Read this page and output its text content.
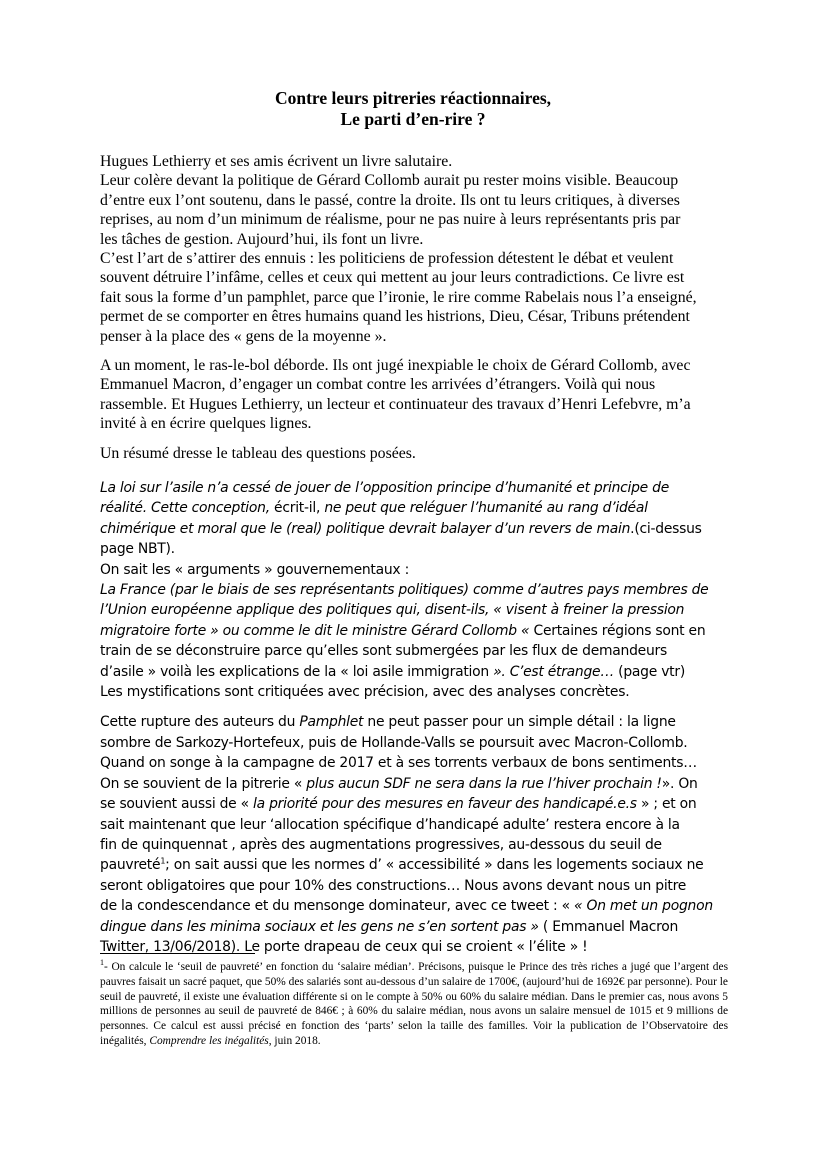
Contre leurs pitreries réactionnaires,
Le parti d’en-rire ?

Hugues Lethierry et ses amis écrivent un livre salutaire.

Leur colère devant la politique de Gérard Collomb aurait pu rester moins visible. Beaucoup

d’entre eux l’ont soutenu, dans le passé, contre la droite. Ils ont tu leurs critiques, à diverses

reprises, au nom d’un minimum de réalisme, pour ne pas nuire à leurs représentants pris par

les tâches de gestion. Aujourd’hui, ils font un livre.

C’est l’art de s’attirer des ennuis : les politiciens de profession détestent le débat et veulent

souvent détruire l’infâme, celles et ceux qui mettent au jour leurs contradictions. Ce livre est

fait sous la forme d’un pamphlet, parce que l’ironie, le rire comme Rabelais nous l’a enseigné,

permet de se comporter en êtres humains quand les histrions, Dieu, César, Tribuns prétendent

penser à la place des « gens de la moyenne ».

A un moment, le ras-le-bol déborde. Ils ont jugé inexpiable le choix de Gérard Collomb, avec

Emmanuel Macron, d’engager un combat contre les arrivées d’étrangers. Voilà qui nous

rassemble. Et Hugues Lethierry, un lecteur et continuateur des travaux d’Henri Lefebvre, m’a

invité à en écrire quelques lignes.

Un résumé dresse le tableau des questions posées.

La loi sur l’asile n’a cessé de jouer de l’opposition principe d’humanité et principe de

réalité. Cette conception, écrit-il, ne peut que reléguer l’humanité au rang d’idéal

chimérique et moral que le (real) politique devrait balayer d’un revers de main.(ci-dessus

page NBT).

On sait les « arguments » gouvernementaux :

La France (par le biais de ses représentants politiques) comme d’autres pays membres de

l’Union européenne applique des politiques qui, disent-ils, « visent à freiner la pression

migratoire forte » ou comme le dit le ministre Gérard Collomb « Certaines régions sont en

train de se déconstruire parce qu’elles sont submergées par les flux de demandeurs

d’asile » voilà les explications de la « loi asile immigration ». C’est étrange… (page vtr)

Les mystifications sont critiquées avec précision, avec des analyses concrètes.

Cette rupture des auteurs du Pamphlet ne peut passer pour un simple détail : la ligne

sombre de Sarkozy-Hortefeux, puis de Hollande-Valls se poursuit avec Macron-Collomb.

Quand on songe à la campagne de 2017 et à ses torrents verbaux de bons sentiments…

On se souvient de la pitrerie « plus aucun SDF ne sera dans la rue l’hiver prochain !». On

se souvient aussi de « la priorité pour des mesures en faveur des handicapé.e.s » ; et on

sait maintenant que leur ‘allocation spécifique d’handicapé adulte’ restera encore à la

fin de quinquennat , après des augmentations progressives, au-dessous du seuil de

pauvreté$^1$; on sait aussi que les normes d’ « accessibilité » dans les logements sociaux ne

seront obligatoires que pour 10% des constructions… Nous avons devant nous un pitre

de la condescendance et du mensonge dominateur, avec ce tweet : « « On met un pognon

dingue dans les minima sociaux et les gens ne s’en sortent pas » ( Emmanuel Macron

Twitter, 13/06/2018). Le porte drapeau de ceux qui se croient « l’élite » !

$^1$- On calcule le ‘seuil de pauvreté’ en fonction du ‘salaire médian’. Précisons, puisque le Prince des très riches a jugé que l’argent des pauvres faisait un sacré paquet, que 50% des salariés sont au-dessous d’un salaire de 1700€, (aujourd’hui de 1692€ par personne). Pour le seuil de pauvreté, il existe une évaluation différente si on le compte à 50% ou 60% du salaire médian. Dans le premier cas, nous avons 5 millions de personnes au seuil de pauvreté de 846€ ; à 60% du salaire médian, nous avons un salaire mensuel de 1015 et 9 millions de personnes. Ce calcul est aussi précisé en fonction des ‘parts’ selon la taille des familles. Voir la publication de l’Observatoire des inégalités, Comprendre les inégalités, juin 2018.
